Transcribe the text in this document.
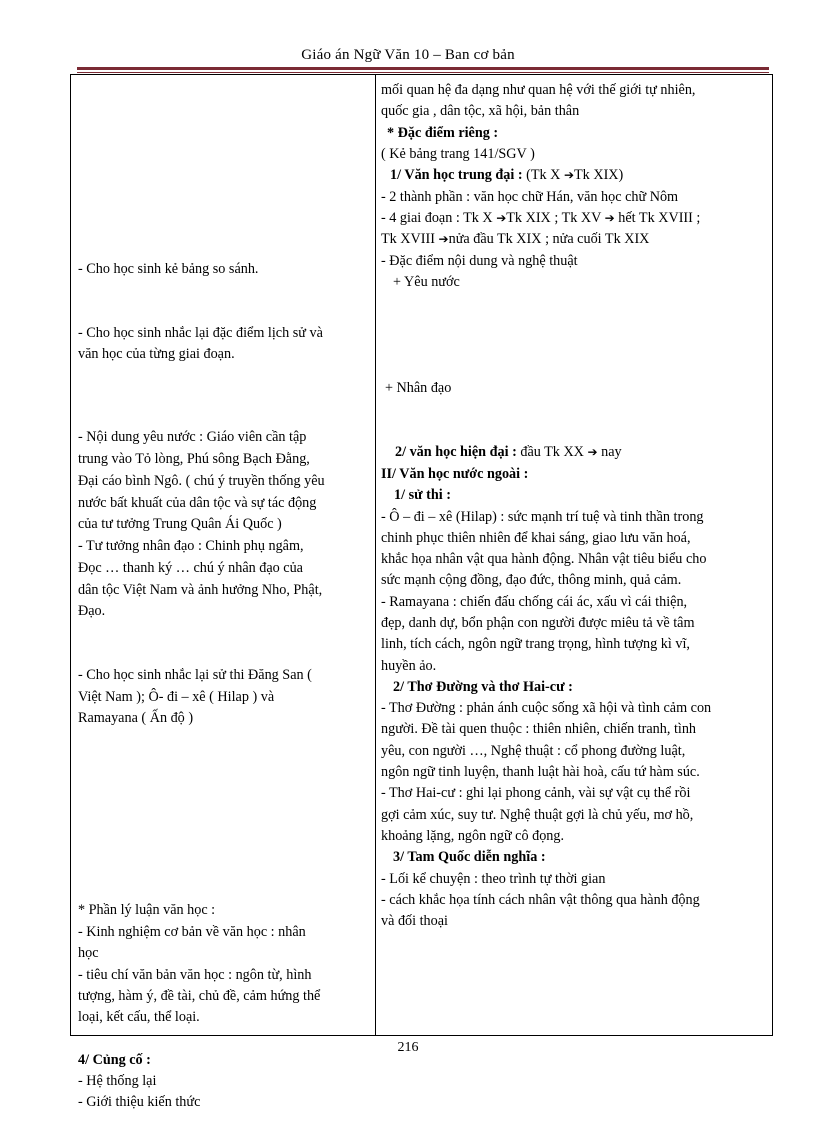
Giáo án Ngữ Văn 10 – Ban cơ bản
- Cho học sinh kẻ bảng so sánh.
- Cho học sinh nhắc lại đặc điểm lịch sử và
văn học của từng giai đoạn.
- Nội dung yêu nước : Giáo viên cần tập
trung vào Tỏ lòng, Phú sông Bạch Đằng,
Đại cáo bình Ngô. ( chú ý truyền thống yêu
nước bất khuất của dân tộc và sự tác động
của tư tưởng Trung Quân Ái Quốc )
- Tư tưởng nhân đạo : Chinh phụ ngâm,
Đọc … thanh ký … chú ý nhân đạo của
dân tộc Việt Nam và ảnh hưởng Nho, Phật,
Đạo.
- Cho học sinh nhắc lại sử thi Đăng San (
Việt Nam ); Ô- đi – xê ( Hilap ) và
Ramayana ( Ấn độ )
* Phần lý luận văn học :
- Kinh nghiệm cơ bản về văn học : nhân
học
- tiêu chí văn bản văn học : ngôn từ, hình
tượng, hàm ý, đề tài, chủ đề, cảm hứng thể
loại, kết cấu, thể loại.
4/ Củng cố :
- Hệ thống lại
- Giới thiệu kiến thức
mối quan hệ đa dạng như quan hệ với thế giới tự nhiên,
quốc gia , dân tộc, xã hội, bản thân
* Đặc điểm riêng :
( Kẻ bảng trang 141/SGV )
1/ Văn học trung đại : (Tk X ➔Tk XIX)
- 2 thành phần : văn học chữ Hán, văn học chữ Nôm
- 4 giai đoạn : Tk X ➔Tk XIX ; Tk XV ➔ hết Tk XVIII ;
Tk XVIII ➔nửa đầu Tk XIX ; nửa cuối Tk XIX
- Đặc điểm nội dung và nghệ thuật
+ Yêu nước
+ Nhân đạo
2/ văn học hiện đại : đầu Tk XX ➔ nay
II/ Văn học nước ngoài :
1/ sử thi :
- Ô – đi – xê (Hilap) : sức mạnh trí tuệ và tinh thần trong
chinh phục thiên nhiên để khai sáng, giao lưu văn hoá,
khắc họa nhân vật qua hành động. Nhân vật tiêu biểu cho
sức mạnh cộng đồng, đạo đức, thông minh, quả cảm.
- Ramayana : chiến đấu chống cái ác, xấu vì cái thiện,
đẹp, danh dự, bổn phận con người được miêu tả về tâm
linh, tích cách, ngôn ngữ trang trọng, hình tượng kì vĩ,
huyền ảo.
2/ Thơ Đường và thơ Hai-cư :
- Thơ Đường : phản ánh cuộc sống xã hội và tình cảm con
người. Đề tài quen thuộc : thiên nhiên, chiến tranh, tình
yêu, con người …, Nghệ thuật : cổ phong đường luật,
ngôn ngữ tinh luyện, thanh luật hài hoà, cấu tứ hàm súc.
- Thơ Hai-cư : ghi lại phong cảnh, vài sự vật cụ thể rồi
gợi cảm xúc, suy tư. Nghệ thuật gợi là chủ yếu, mơ hồ,
khoảng lặng, ngôn ngữ cô đọng.
3/ Tam Quốc diễn nghĩa :
- Lối kể chuyện : theo trình tự thời gian
- cách khắc họa tính cách nhân vật thông qua hành động
và đối thoại
216
